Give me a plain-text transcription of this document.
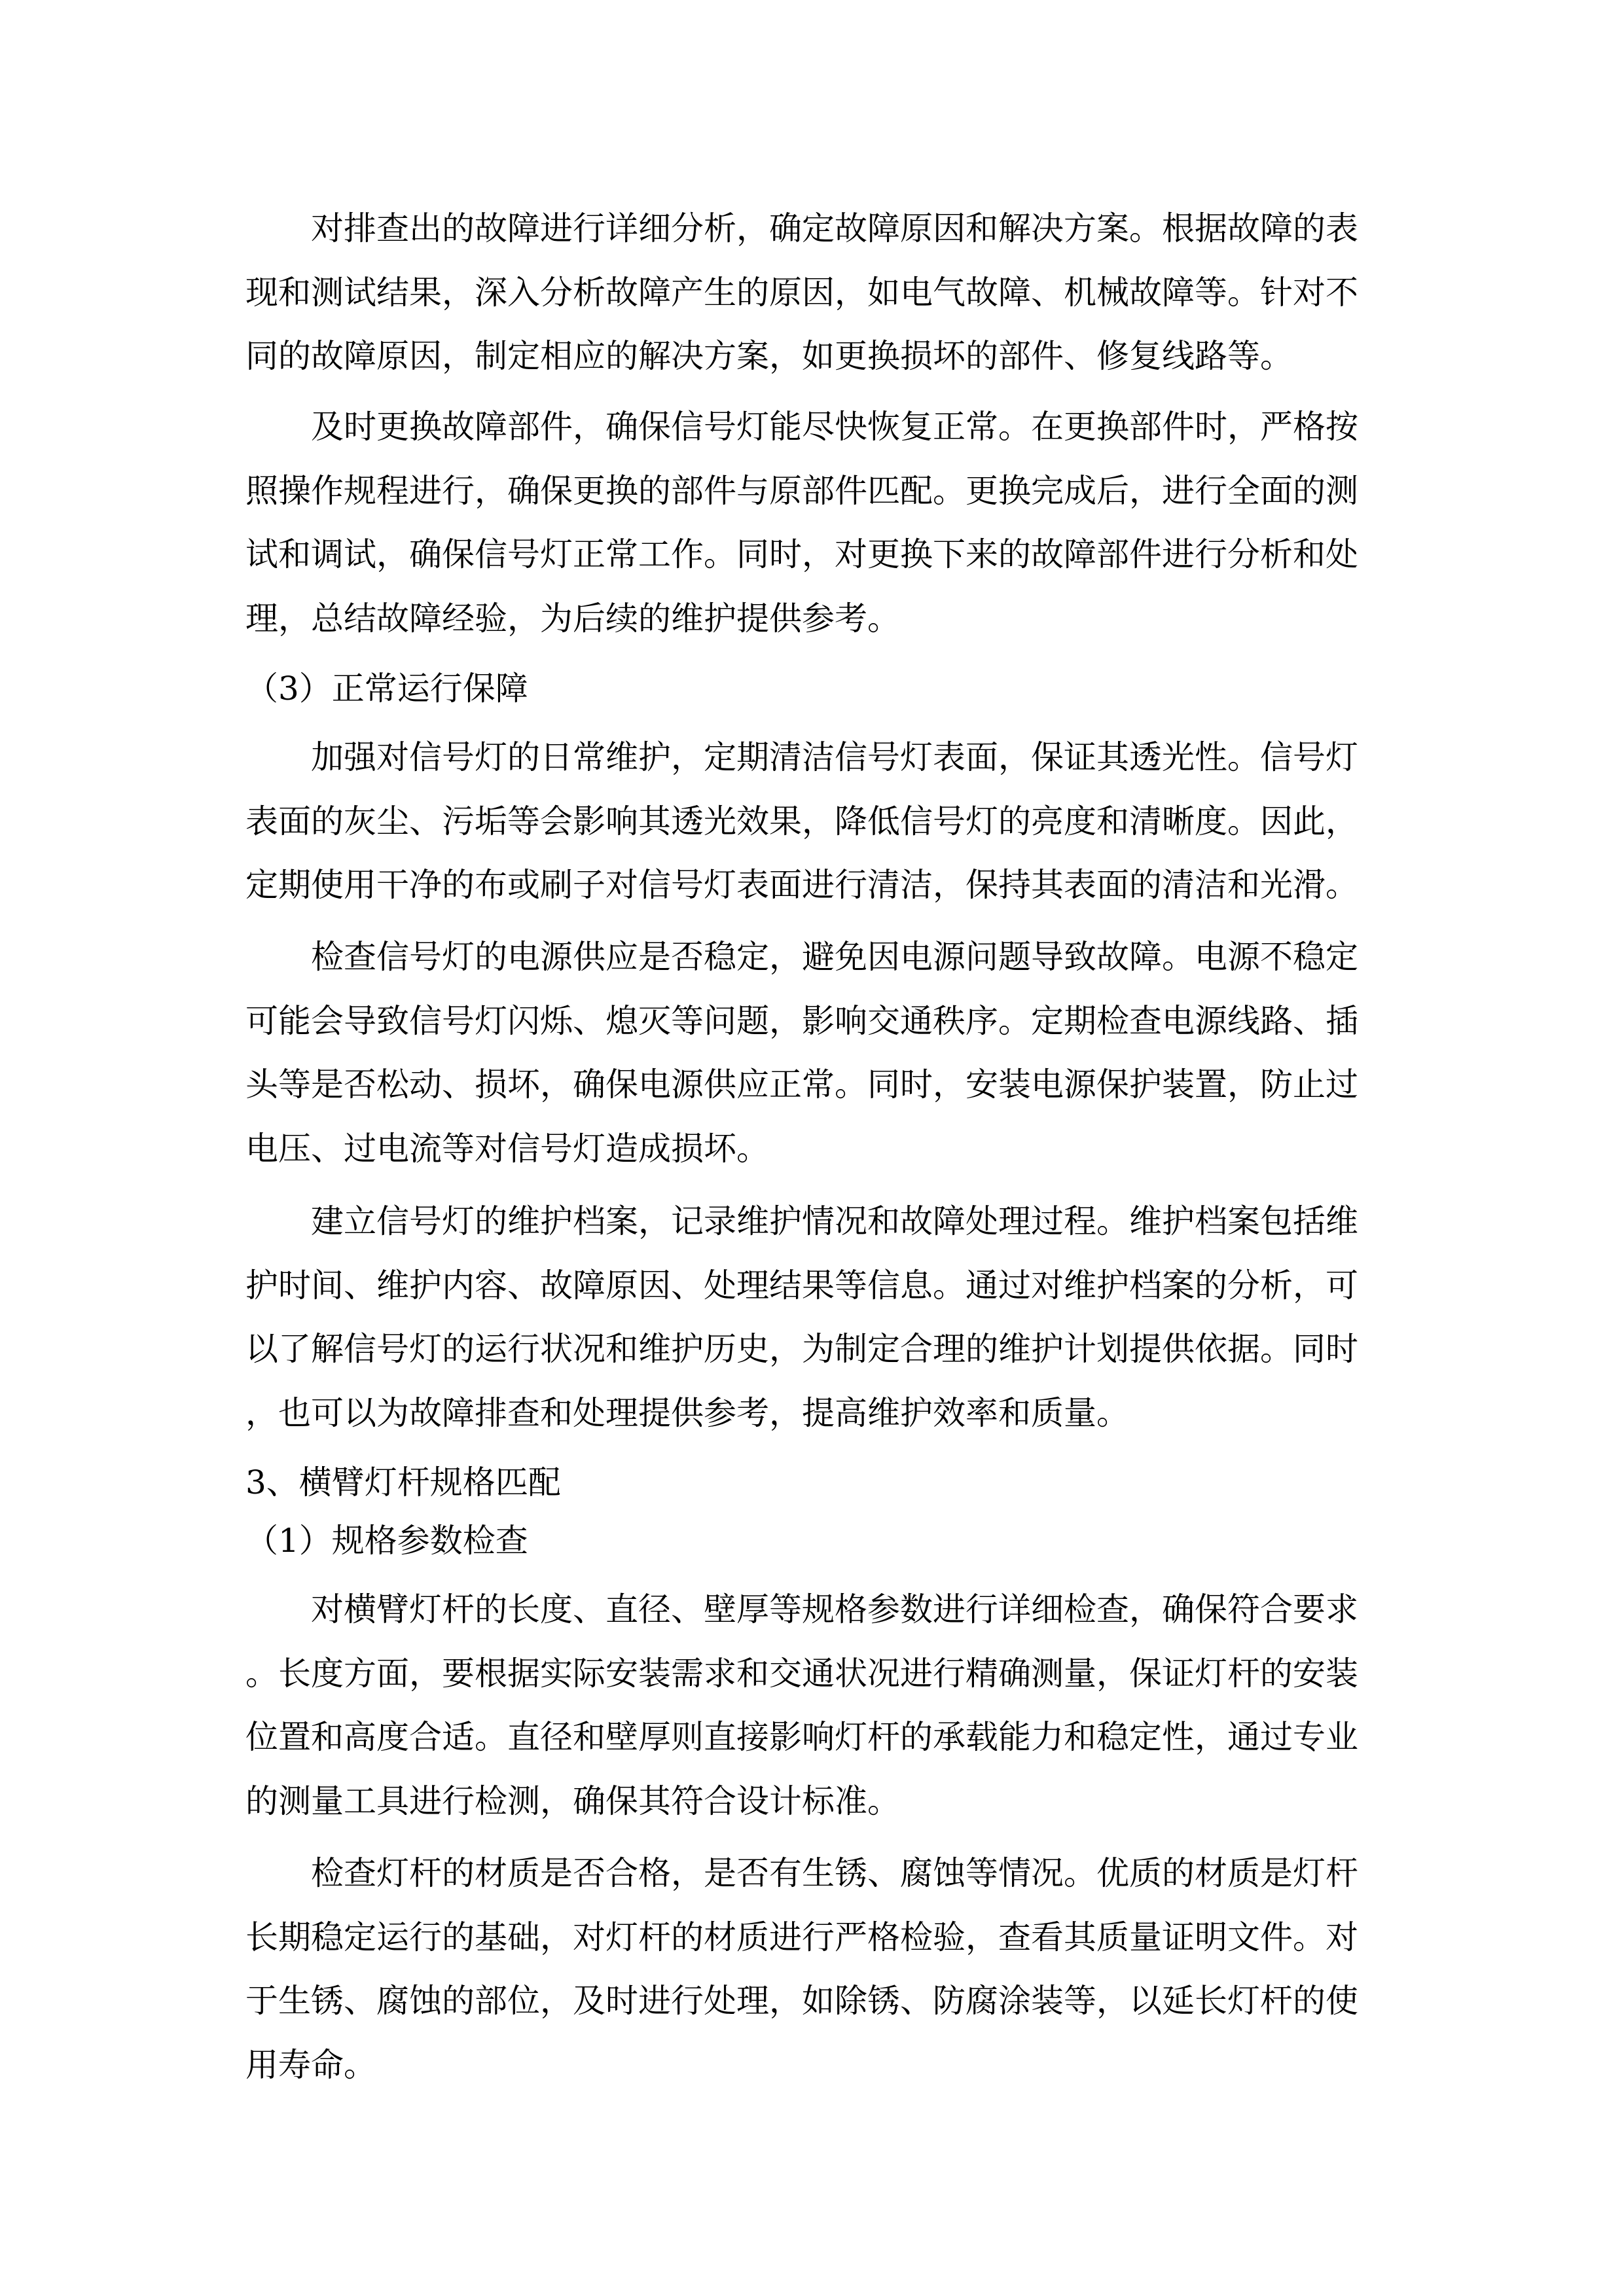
对排查出的故障进行详细分析，确定故障原因和解决方案。根据故障的表现和测试结果，深入分析故障产生的原因，如电气故障、机械故障等。针对不同的故障原因，制定相应的解决方案，如更换损坏的部件、修复线路等。

及时更换故障部件，确保信号灯能尽快恢复正常。在更换部件时，严格按照操作规程进行，确保更换的部件与原部件匹配。更换完成后，进行全面的测试和调试，确保信号灯正常工作。同时，对更换下来的故障部件进行分析和处理，总结故障经验，为后续的维护提供参考。

（3）正常运行保障

加强对信号灯的日常维护，定期清洁信号灯表面，保证其透光性。信号灯表面的灰尘、污垢等会影响其透光效果，降低信号灯的亮度和清晰度。因此，定期使用干净的布或刷子对信号灯表面进行清洁，保持其表面的清洁和光滑。

检查信号灯的电源供应是否稳定，避免因电源问题导致故障。电源不稳定可能会导致信号灯闪烁、熄灭等问题，影响交通秩序。定期检查电源线路、插头等是否松动、损坏，确保电源供应正常。同时，安装电源保护装置，防止过电压、过电流等对信号灯造成损坏。

建立信号灯的维护档案，记录维护情况和故障处理过程。维护档案包括维护时间、维护内容、故障原因、处理结果等信息。通过对维护档案的分析，可以了解信号灯的运行状况和维护历史，为制定合理的维护计划提供依据。同时，也可以为故障排查和处理提供参考，提高维护效率和质量。

3、横臂灯杆规格匹配
（1）规格参数检查

对横臂灯杆的长度、直径、壁厚等规格参数进行详细检查，确保符合要求。长度方面，要根据实际安装需求和交通状况进行精确测量，保证灯杆的安装位置和高度合适。直径和壁厚则直接影响灯杆的承载能力和稳定性，通过专业的测量工具进行检测，确保其符合设计标准。

检查灯杆的材质是否合格，是否有生锈、腐蚀等情况。优质的材质是灯杆长期稳定运行的基础，对灯杆的材质进行严格检验，查看其质量证明文件。对于生锈、腐蚀的部位，及时进行处理，如除锈、防腐涂装等，以延长灯杆的使用寿命。
